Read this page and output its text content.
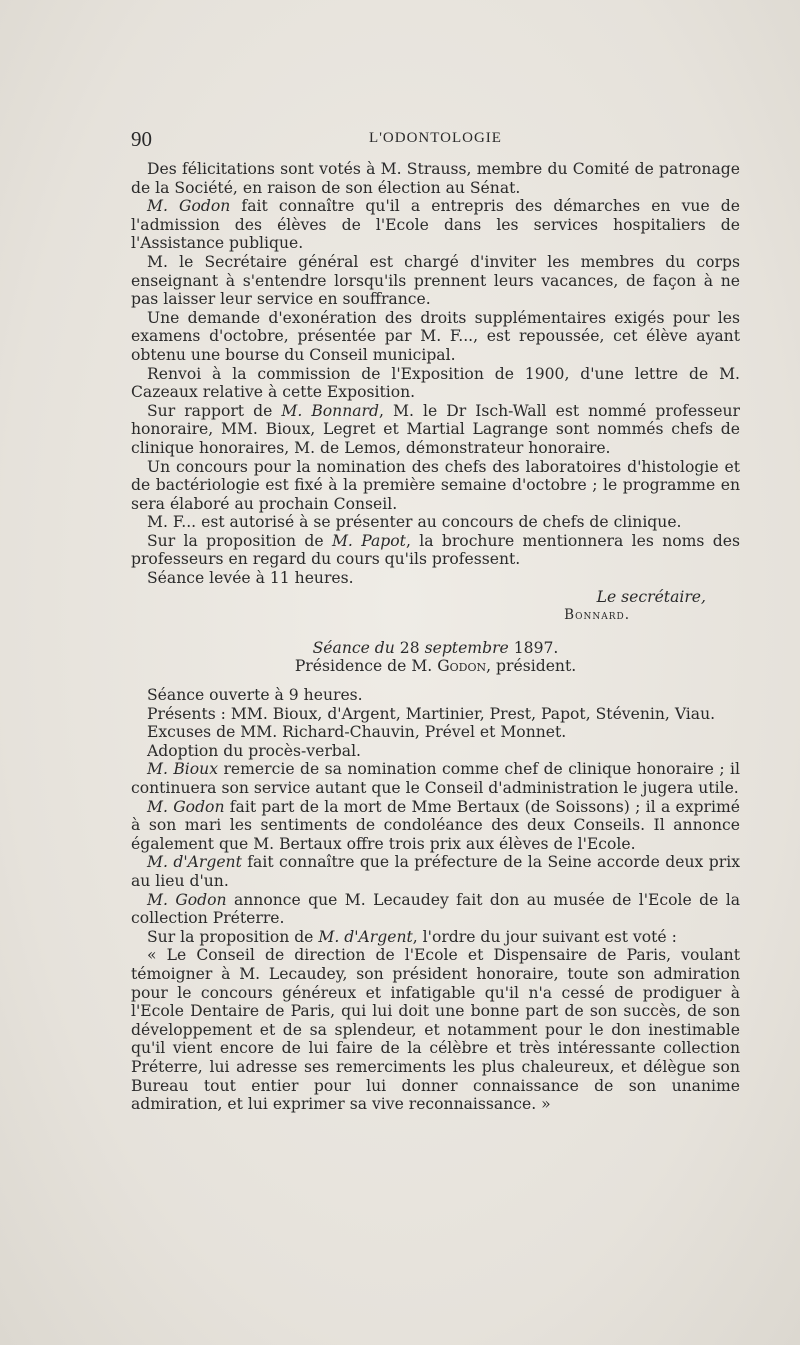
90	L'ODONTOLOGIE

Des félicitations sont votés à M. Strauss, membre du Comité de patronage de la Société, en raison de son élection au Sénat.

M. Godon fait connaître qu'il a entrepris des démarches en vue de l'admission des élèves de l'Ecole dans les services hospitaliers de l'Assistance publique.

M. le Secrétaire général est chargé d'inviter les membres du corps enseignant à s'entendre lorsqu'ils prennent leurs vacances, de façon à ne pas laisser leur service en souffrance.

Une demande d'exonération des droits supplémentaires exigés pour les examens d'octobre, présentée par M. F..., est repoussée, cet élève ayant obtenu une bourse du Conseil municipal.

Renvoi à la commission de l'Exposition de 1900, d'une lettre de M. Cazeaux relative à cette Exposition.

Sur rapport de M. Bonnard, M. le Dr Isch-Wall est nommé professeur honoraire, MM. Bioux, Legret et Martial Lagrange sont nommés chefs de clinique honoraires, M. de Lemos, démonstrateur honoraire.

Un concours pour la nomination des chefs des laboratoires d'histologie et de bactériologie est fixé à la première semaine d'octobre ; le programme en sera élaboré au prochain Conseil.

M. F... est autorisé à se présenter au concours de chefs de clinique.

Sur la proposition de M. Papot, la brochure mentionnera les noms des professeurs en regard du cours qu'ils professent.

Séance levée à 11 heures.

Le secrétaire,

Bonnard.

Séance du 28 septembre 1897.

Présidence de M. Godon, président.

Séance ouverte à 9 heures.

Présents : MM. Bioux, d'Argent, Martinier, Prest, Papot, Stévenin, Viau.

Excuses de MM. Richard-Chauvin, Prével et Monnet.

Adoption du procès-verbal.

M. Bioux remercie de sa nomination comme chef de clinique honoraire ; il continuera son service autant que le Conseil d'administration le jugera utile.

M. Godon fait part de la mort de Mme Bertaux (de Soissons) ; il a exprimé à son mari les sentiments de condoléance des deux Conseils. Il annonce également que M. Bertaux offre trois prix aux élèves de l'Ecole.

M. d'Argent fait connaître que la préfecture de la Seine accorde deux prix au lieu d'un.

M. Godon annonce que M. Lecaudey fait don au musée de l'Ecole de la collection Préterre.

Sur la proposition de M. d'Argent, l'ordre du jour suivant est voté :

« Le Conseil de direction de l'Ecole et Dispensaire de Paris, voulant témoigner à M. Lecaudey, son président honoraire, toute son admiration pour le concours généreux et infatigable qu'il n'a cessé de prodiguer à l'Ecole Dentaire de Paris, qui lui doit une bonne part de son succès, de son développement et de sa splendeur, et notamment pour le don inestimable qu'il vient encore de lui faire de la célèbre et très intéressante collection Préterre, lui adresse ses remerciments les plus chaleureux, et délègue son Bureau tout entier pour lui donner connaissance de son unanime admiration, et lui exprimer sa vive reconnaissance. »
